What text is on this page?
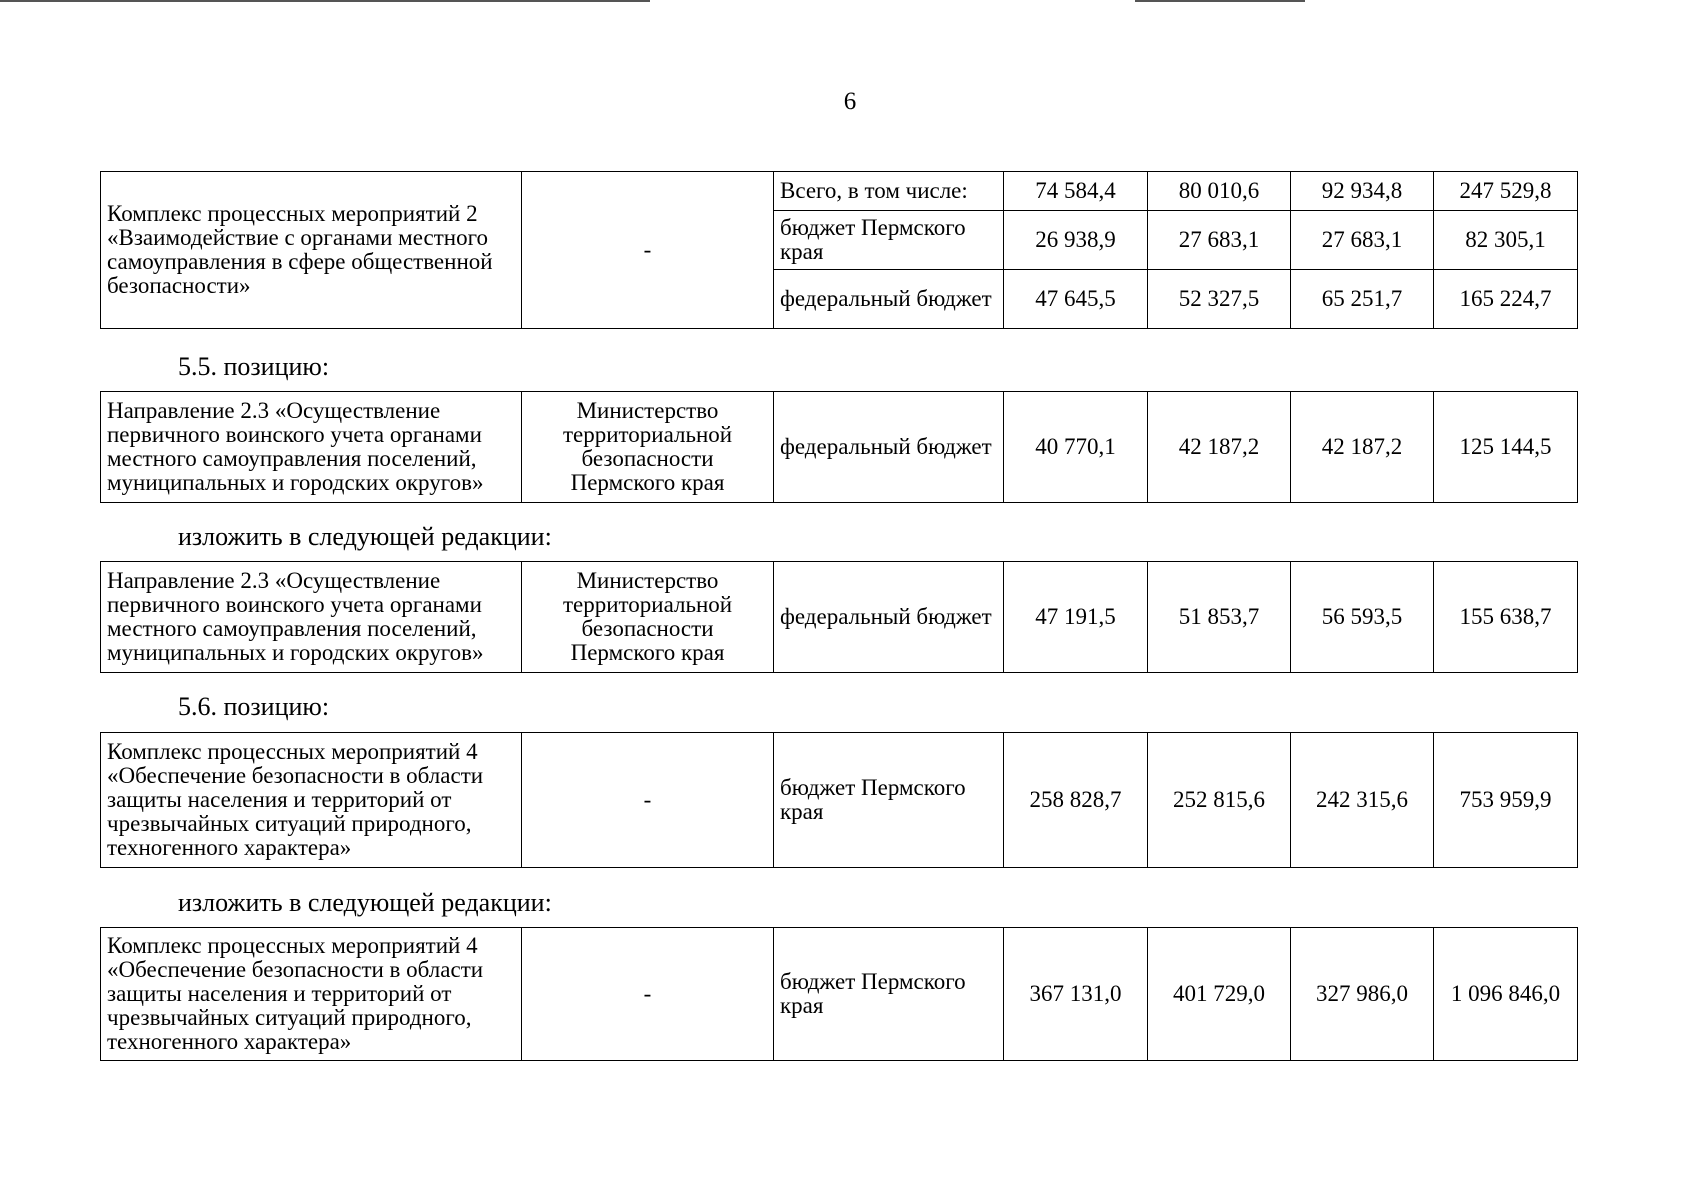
6
Комплекс процессных мероприятий 2 «Взаимодействие с органами местного самоуправления в сфере общественной безопасности»	-	Всего, в том числе:	74 584,4	80 010,6	92 934,8	247 529,8
		бюджет Пермского края	26 938,9	27 683,1	27 683,1	82 305,1
		федеральный бюджет	47 645,5	52 327,5	65 251,7	165 224,7
5.5. позицию:
Направление 2.3 «Осуществление первичного воинского учета органами местного самоуправления поселений, муниципальных и городских округов»	Министерство территориальной безопасности Пермского края	федеральный бюджет	40 770,1	42 187,2	42 187,2	125 144,5
изложить в следующей редакции:
Направление 2.3 «Осуществление первичного воинского учета органами местного самоуправления поселений, муниципальных и городских округов»	Министерство территориальной безопасности Пермского края	федеральный бюджет	47 191,5	51 853,7	56 593,5	155 638,7
5.6. позицию:
Комплекс процессных мероприятий 4 «Обеспечение безопасности в области защиты населения и территорий от чрезвычайных ситуаций природного, техногенного характера»	-	бюджет Пермского края	258 828,7	252 815,6	242 315,6	753 959,9
изложить в следующей редакции:
Комплекс процессных мероприятий 4 «Обеспечение безопасности в области защиты населения и территорий от чрезвычайных ситуаций природного, техногенного характера»	-	бюджет Пермского края	367 131,0	401 729,0	327 986,0	1 096 846,0
